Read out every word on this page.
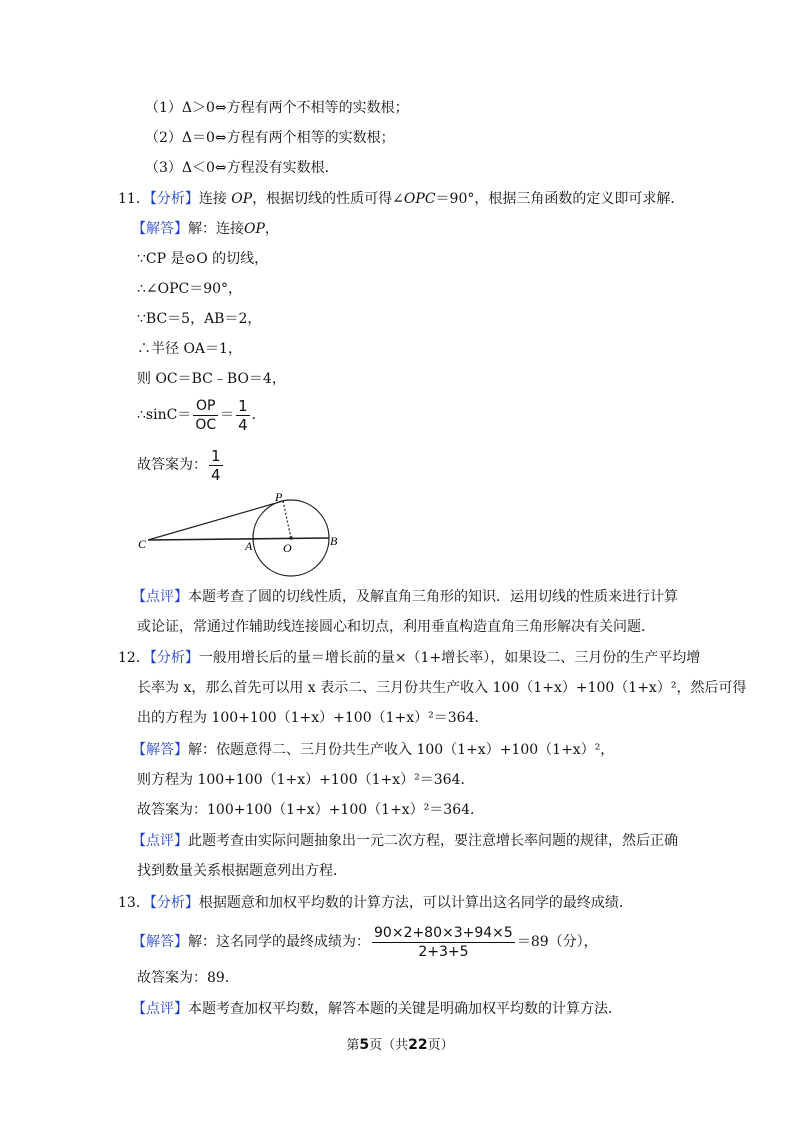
（1）Δ＞0⇔方程有两个不相等的实数根；
（2）Δ＝0⇔方程有两个相等的实数根；
（3）Δ＜0⇔方程没有实数根．
11．【分析】连接 OP，根据切线的性质可得∠OPC＝90°，根据三角函数的定义即可求解．
【解答】解：连接OP，
∵CP 是⊙O 的切线，
∴∠OPC＝90°，
∵BC＝5，AB＝2，
∴半径 OA＝1，
则 OC＝BC﹣BO＝4，
∴sinC＝ $\frac{OP}{OC} = \frac{1}{4}$ ．
故答案为： $\frac{1}{4}$
P
C	A	O	B
【点评】本题考查了圆的切线性质，及解直角三角形的知识．运用切线的性质来进行计算
或论证，常通过作辅助线连接圆心和切点，利用垂直构造直角三角形解决有关问题．
12．【分析】一般用增长后的量＝增长前的量×（1+增长率），如果设二、三月份的生产平均增
长率为 x，那么首先可以用 x 表示二、三月份共生产收入 100（1+x）+100（1+x）²，然后可得
出的方程为 100+100（1+x）+100（1+x）²＝364．
【解答】解：依题意得二、三月份共生产收入 100（1+x）+100（1+x）²，
则方程为 100+100（1+x）+100（1+x）²＝364．
故答案为：100+100（1+x）+100（1+x）²＝364．
【点评】此题考查由实际问题抽象出一元二次方程，要注意增长率问题的规律，然后正确
找到数量关系根据题意列出方程．
13．【分析】根据题意和加权平均数的计算方法，可以计算出这名同学的最终成绩．
【解答】解：这名同学的最终成绩为： $\frac{90\times 2+80\times 3+94\times 5}{2+3+5} =89$（分），
故答案为：89．
【点评】本题考查加权平均数，解答本题的关键是明确加权平均数的计算方法．
第5页（共22页）
